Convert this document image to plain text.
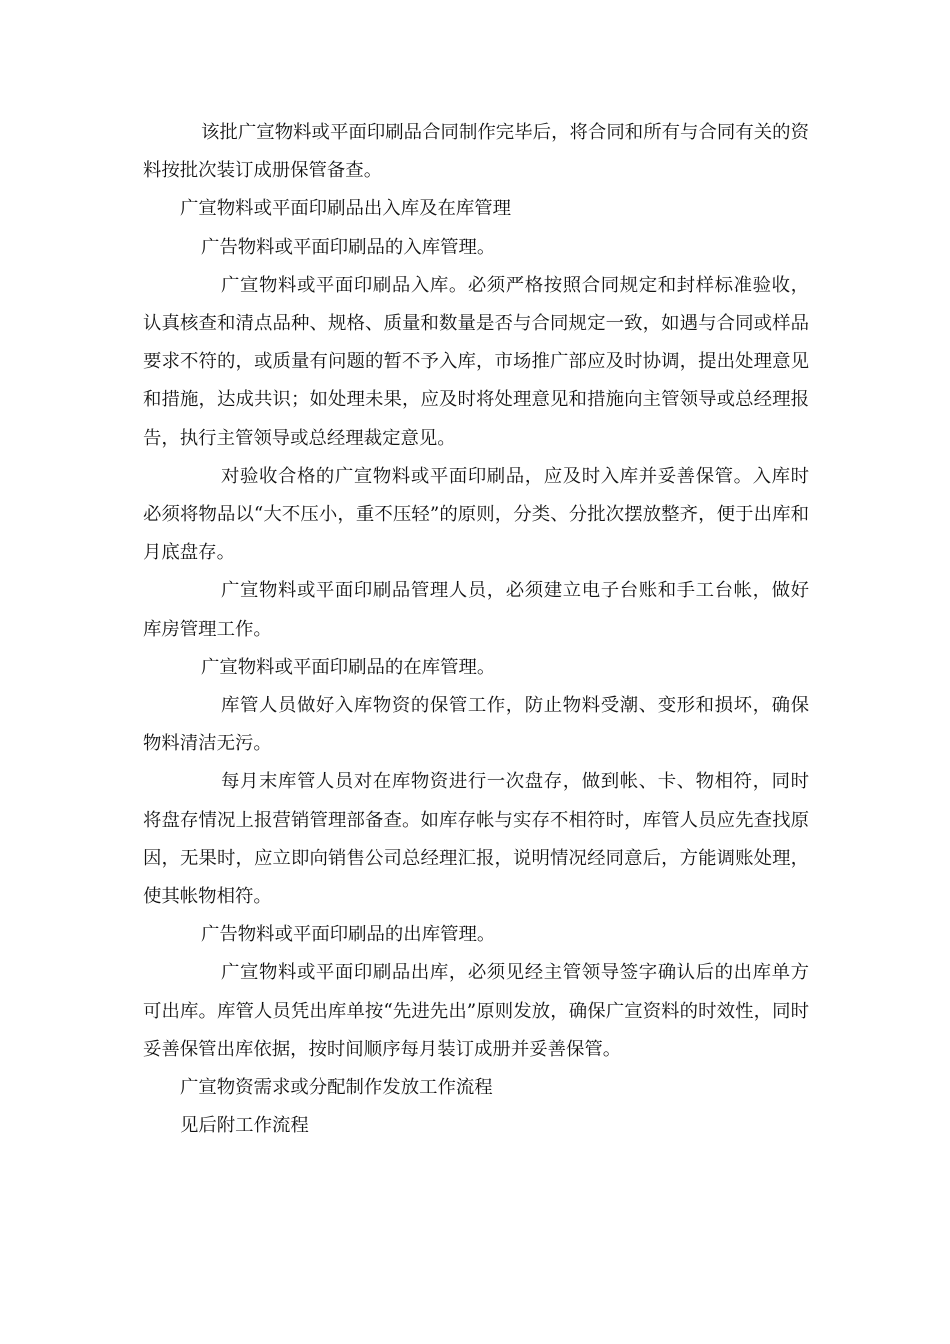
该批广宣物料或平面印刷品合同制作完毕后，将合同和所有与合同有关的资料按批次装订成册保管备查。

广宣物料或平面印刷品出入库及在库管理

广告物料或平面印刷品的入库管理。

广宣物料或平面印刷品入库。必须严格按照合同规定和封样标准验收，认真核查和清点品种、规格、质量和数量是否与合同规定一致，如遇与合同或样品要求不符的，或质量有问题的暂不予入库，市场推广部应及时协调，提出处理意见和措施，达成共识；如处理未果，应及时将处理意见和措施向主管领导或总经理报告，执行主管领导或总经理裁定意见。

对验收合格的广宣物料或平面印刷品，应及时入库并妥善保管。入库时必须将物品以“大不压小，重不压轻”的原则，分类、分批次摆放整齐，便于出库和月底盘存。

广宣物料或平面印刷品管理人员，必须建立电子台账和手工台帐，做好库房管理工作。

广宣物料或平面印刷品的在库管理。

库管人员做好入库物资的保管工作，防止物料受潮、变形和损坏，确保物料清洁无污。

每月末库管人员对在库物资进行一次盘存，做到帐、卡、物相符，同时将盘存情况上报营销管理部备查。如库存帐与实存不相符时，库管人员应先查找原因，无果时，应立即向销售公司总经理汇报，说明情况经同意后，方能调账处理，使其帐物相符。

广告物料或平面印刷品的出库管理。

广宣物料或平面印刷品出库，必须见经主管领导签字确认后的出库单方可出库。库管人员凭出库单按“先进先出”原则发放，确保广宣资料的时效性，同时妥善保管出库依据，按时间顺序每月装订成册并妥善保管。

广宣物资需求或分配制作发放工作流程

见后附工作流程
